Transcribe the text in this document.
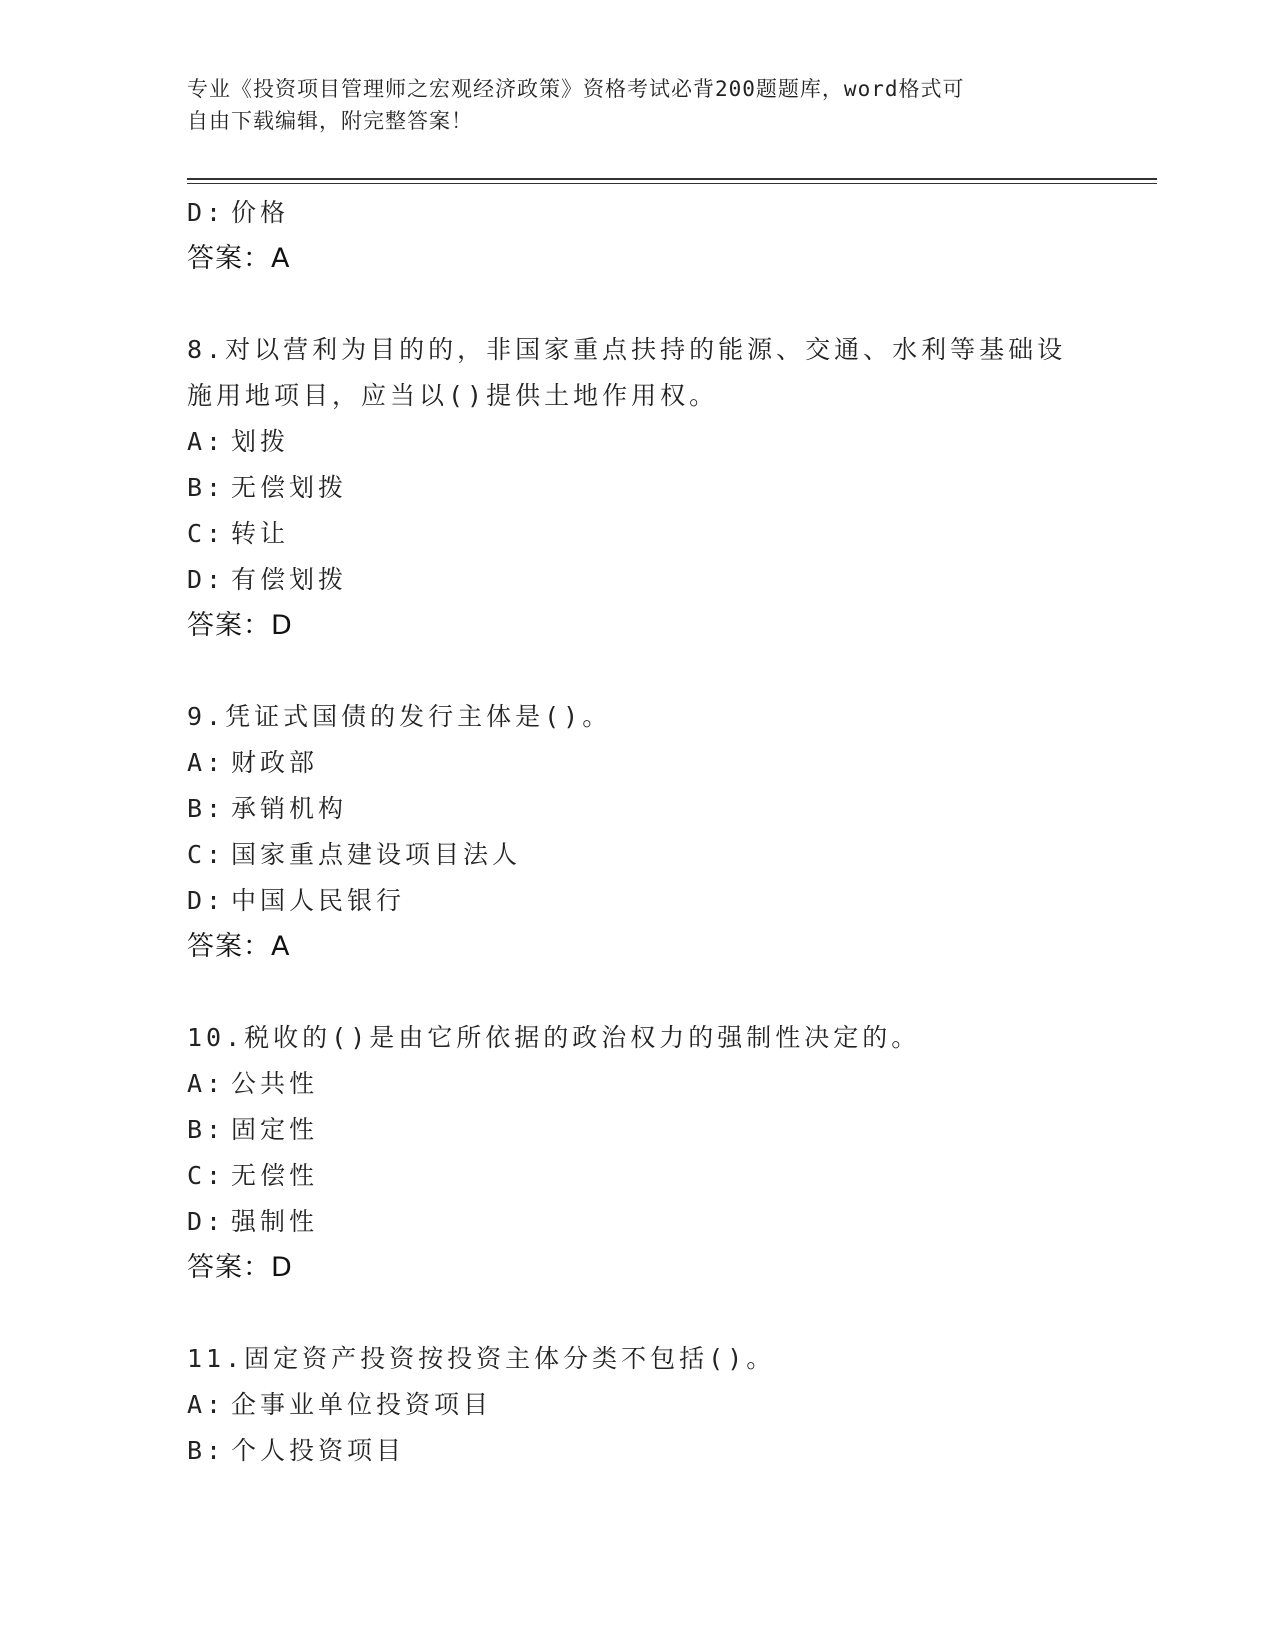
专业《投资项目管理师之宏观经济政策》资格考试必背200题题库，word格式可
自由下载编辑，附完整答案！
D: 价格
答案：A
8.对以营利为目的的，非国家重点扶持的能源、交通、水利等基础设
施用地项目，应当以()提供土地作用权。
A: 划拨
B: 无偿划拨
C: 转让
D: 有偿划拨
答案：D
9.凭证式国债的发行主体是()。
A: 财政部
B: 承销机构
C: 国家重点建设项目法人
D: 中国人民银行
答案：A
10.税收的()是由它所依据的政治权力的强制性决定的。
A: 公共性
B: 固定性
C: 无偿性
D: 强制性
答案：D
11.固定资产投资按投资主体分类不包括()。
A: 企事业单位投资项目
B: 个人投资项目
